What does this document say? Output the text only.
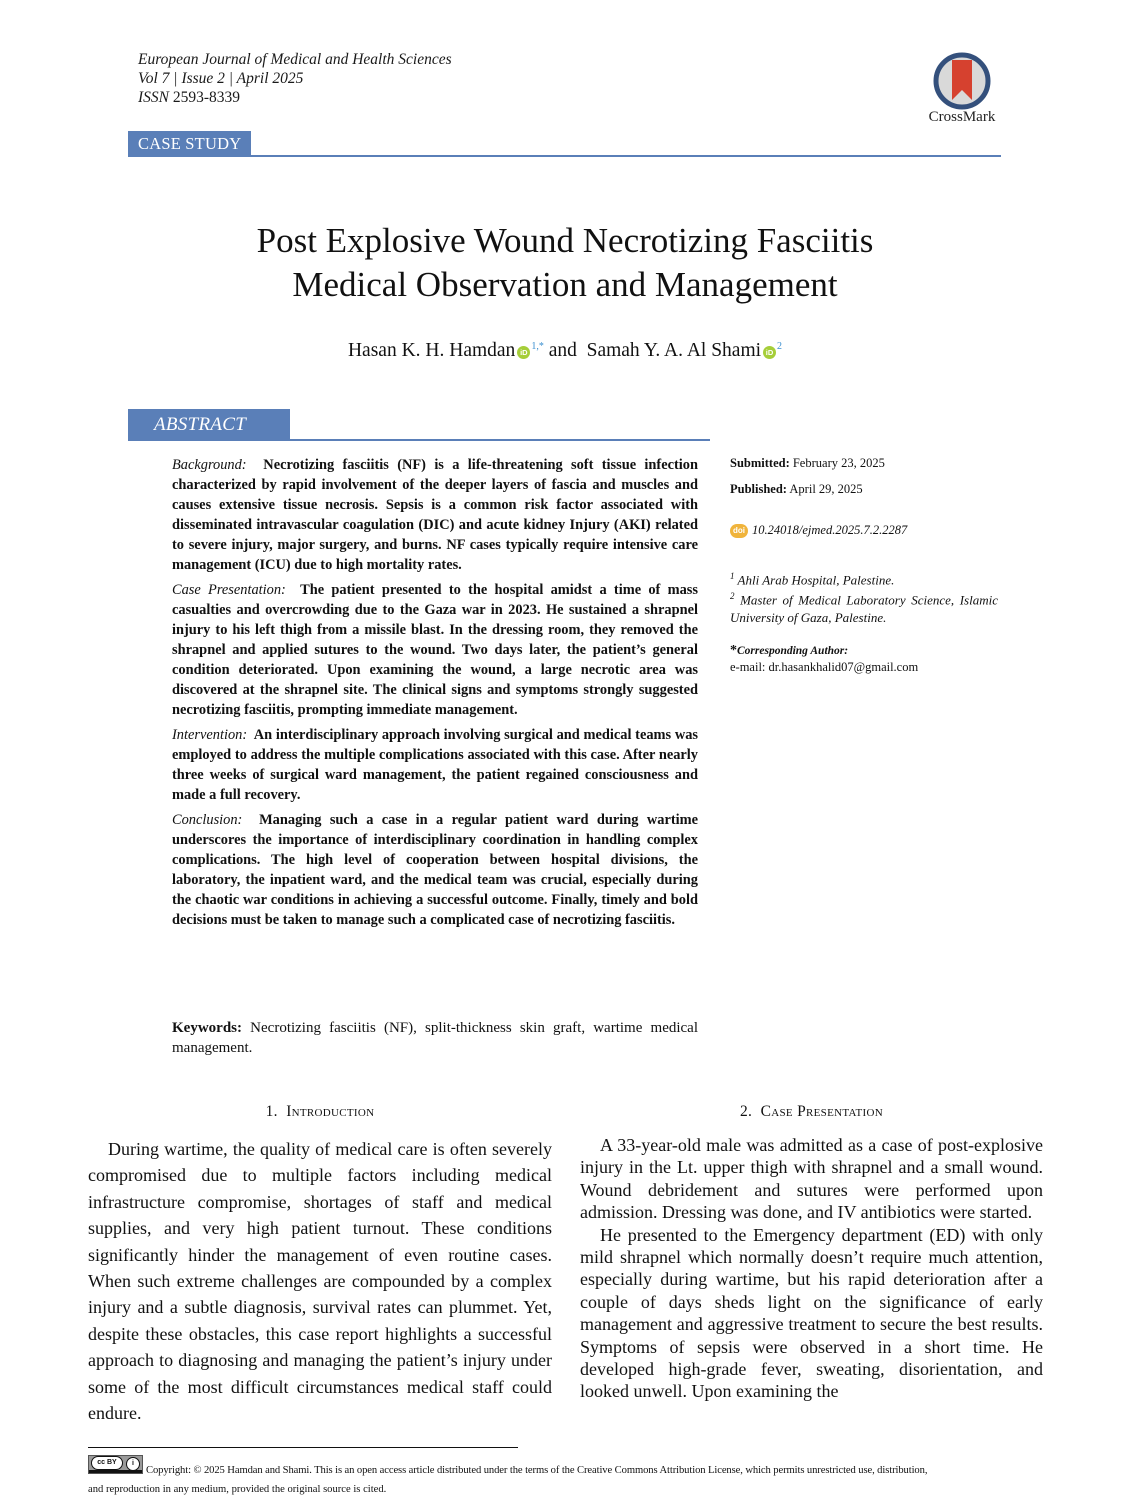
European Journal of Medical and Health Sciences
Vol 7 | Issue 2 | April 2025
ISSN 2593-8339
CrossMark
CASE STUDY
Post Explosive Wound Necrotizing Fasciitis
Medical Observation and Management
Hasan K. H. Hamdan iD$^{1,*}$ and Samah Y. A. Al Shami iD$^2$
ABSTRACT

Background: Necrotizing fasciitis (NF) is a life-threatening soft tissue infection characterized by rapid involvement of the deeper layers of fascia and muscles and causes extensive tissue necrosis. Sepsis is a common risk factor associated with disseminated intravascular coagulation (DIC) and acute kidney Injury (AKI) related to severe injury, major surgery, and burns. NF cases typically require intensive care management (ICU) due to high mortality rates.

Case Presentation: The patient presented to the hospital amidst a time of mass casualties and overcrowding due to the Gaza war in 2023. He sustained a shrapnel injury to his left thigh from a missile blast. In the dressing room, they removed the shrapnel and applied sutures to the wound. Two days later, the patient’s general condition deteriorated. Upon examining the wound, a large necrotic area was discovered at the shrapnel site. The clinical signs and symptoms strongly suggested necrotizing fasciitis, prompting immediate management.

Intervention: An interdisciplinary approach involving surgical and medical teams was employed to address the multiple complications associated with this case. After nearly three weeks of surgical ward management, the patient regained consciousness and made a full recovery.

Conclusion: Managing such a case in a regular patient ward during wartime underscores the importance of interdisciplinary coordination in handling complex complications. The high level of cooperation between hospital divisions, the laboratory, the inpatient ward, and the medical team was crucial, especially during the chaotic war conditions in achieving a successful outcome. Finally, timely and bold decisions must be taken to manage such a complicated case of necrotizing fasciitis.

Keywords: Necrotizing fasciitis (NF), split-thickness skin graft, wartime medical management.
Submitted: February 23, 2025
Published: April 29, 2025
doi 10.24018/ejmed.2025.7.2.2287
$^1$ Ahli Arab Hospital, Palestine.
$^2$ Master of Medical Laboratory Science, Islamic University of Gaza, Palestine.
*Corresponding Author:
e-mail: dr.hasankhalid07@gmail.com
1. Introduction

During wartime, the quality of medical care is often severely compromised due to multiple factors including medical infrastructure compromise, shortages of staff and medical supplies, and very high patient turnout. These conditions significantly hinder the management of even routine cases. When such extreme challenges are compounded by a complex injury and a subtle diagnosis, survival rates can plummet. Yet, despite these obstacles, this case report highlights a successful approach to diagnosing and managing the patient’s injury under some of the most difficult circumstances medical staff could endure.

2. Case Presentation

A 33-year-old male was admitted as a case of post-explosive injury in the Lt. upper thigh with shrapnel and a small wound. Wound debridement and sutures were performed upon admission. Dressing was done, and IV antibiotics were started.

He presented to the Emergency department (ED) with only mild shrapnel which normally doesn’t require much attention, especially during wartime, but his rapid deterioration after a couple of days sheds light on the significance of early management and aggressive treatment to secure the best results. Symptoms of sepsis were observed in a short time. He developed high-grade fever, sweating, disorientation, and looked unwell. Upon examining the

cc BY	i
Copyright: © 2025 Hamdan and Shami. This is an open access article distributed under the terms of the Creative Commons Attribution License, which permits unrestricted use, distribution,
and reproduction in any medium, provided the original source is cited.
